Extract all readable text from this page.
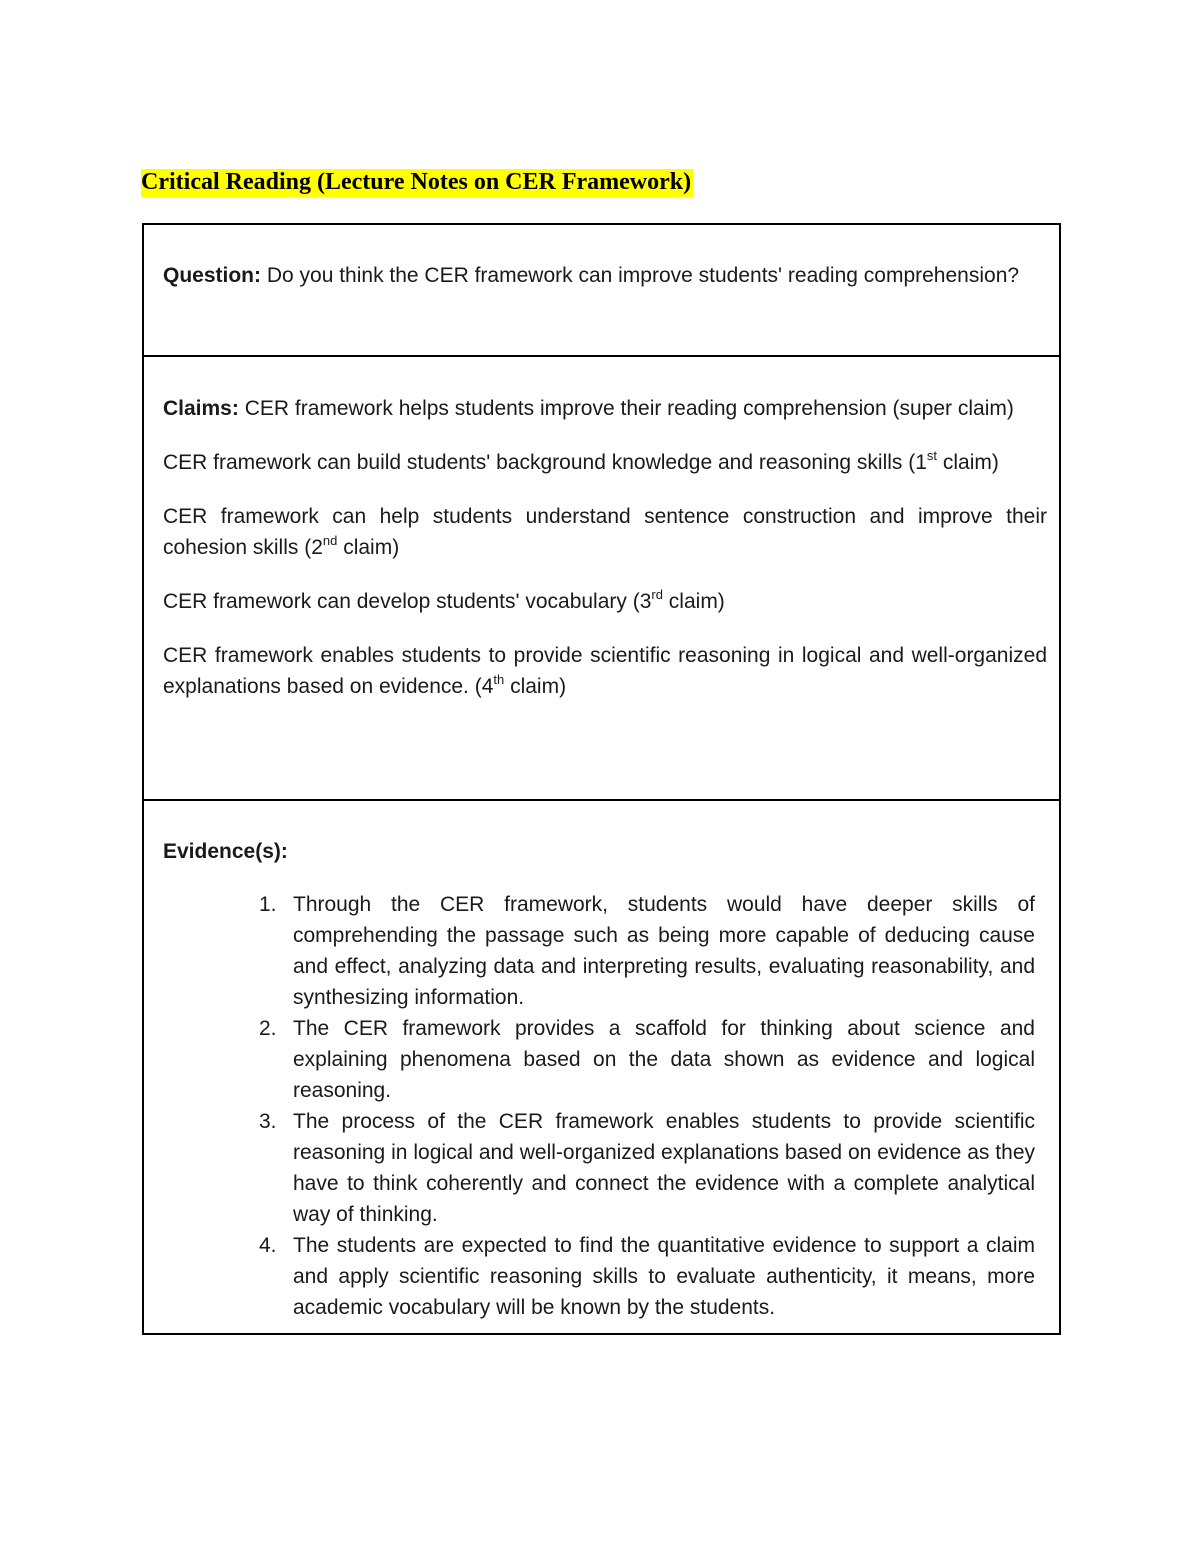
Critical Reading (Lecture Notes on CER Framework)

Question: Do you think the CER framework can improve students' reading comprehension?

Claims: CER framework helps students improve their reading comprehension (super claim)

CER framework can build students' background knowledge and reasoning skills (1st claim)

CER framework can help students understand sentence construction and improve their cohesion skills (2nd claim)

CER framework can develop students' vocabulary (3rd claim)

CER framework enables students to provide scientific reasoning in logical and well-organized explanations based on evidence. (4th claim)

Evidence(s):

1. Through the CER framework, students would have deeper skills of comprehending the passage such as being more capable of deducing cause and effect, analyzing data and interpreting results, evaluating reasonability, and synthesizing information.
2. The CER framework provides a scaffold for thinking about science and explaining phenomena based on the data shown as evidence and logical reasoning.
3. The process of the CER framework enables students to provide scientific reasoning in logical and well-organized explanations based on evidence as they have to think coherently and connect the evidence with a complete analytical way of thinking.
4. The students are expected to find the quantitative evidence to support a claim and apply scientific reasoning skills to evaluate authenticity, it means, more academic vocabulary will be known by the students.
